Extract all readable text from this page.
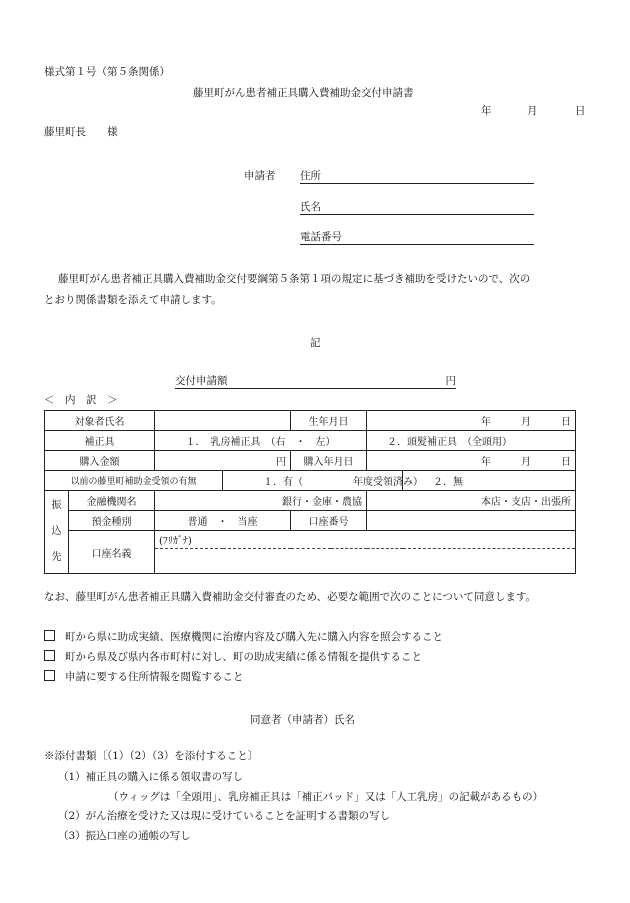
様式第１号（第５条関係）
藤里町がん患者補正具購入費補助金交付申請書
年	月	日
藤里町長　　様
申請者 住所
氏名
電話番号
藤里町がん患者補正具購入費補助金交付要綱第５条第１項の規定に基づき補助を受けたいので、次の
とおり関係書類を添えて申請します。
記
交付申請額	円
＜　内　訳　＞
対象者氏名				生年月日	年　　　 月　　　 日	
補正具		１．　乳房補正具　（右　・　左）			２．頭髪補正具　（全頭用）	
購入金額		円		購入年月日	年　　　 月　　　 日	
以前の藤里町補助金受領の有無			１．有（　　　　　年度受領済み）			２．無
振
込
先	金融機関名	銀行・金庫・農協			本店・支店・出張所	
	預金種別	普通　・　当座		口座番号		
	口座名義	(ﾌﾘｶﾞﾅ)				

なお、藤里町がん患者補正具購入費補助金交付審査のため、必要な範囲で次のことについて同意します。
町から県に助成実績、医療機関に治療内容及び購入先に購入内容を照会すること
町から県及び県内各市町村に対し、町の助成実績に係る情報を提供すること
申請に要する住所情報を閲覧すること
同意者（申請者）氏名
※添付書類〔（1）（2）（3）を添付すること〕
（1）補正具の購入に係る領収書の写し
（ウィッグは「全頭用」、乳房補正具は「補正パッド」又は「人工乳房」の記載があるもの）
（2）がん治療を受けた又は現に受けていることを証明する書類の写し
（3）振込口座の通帳の写し
